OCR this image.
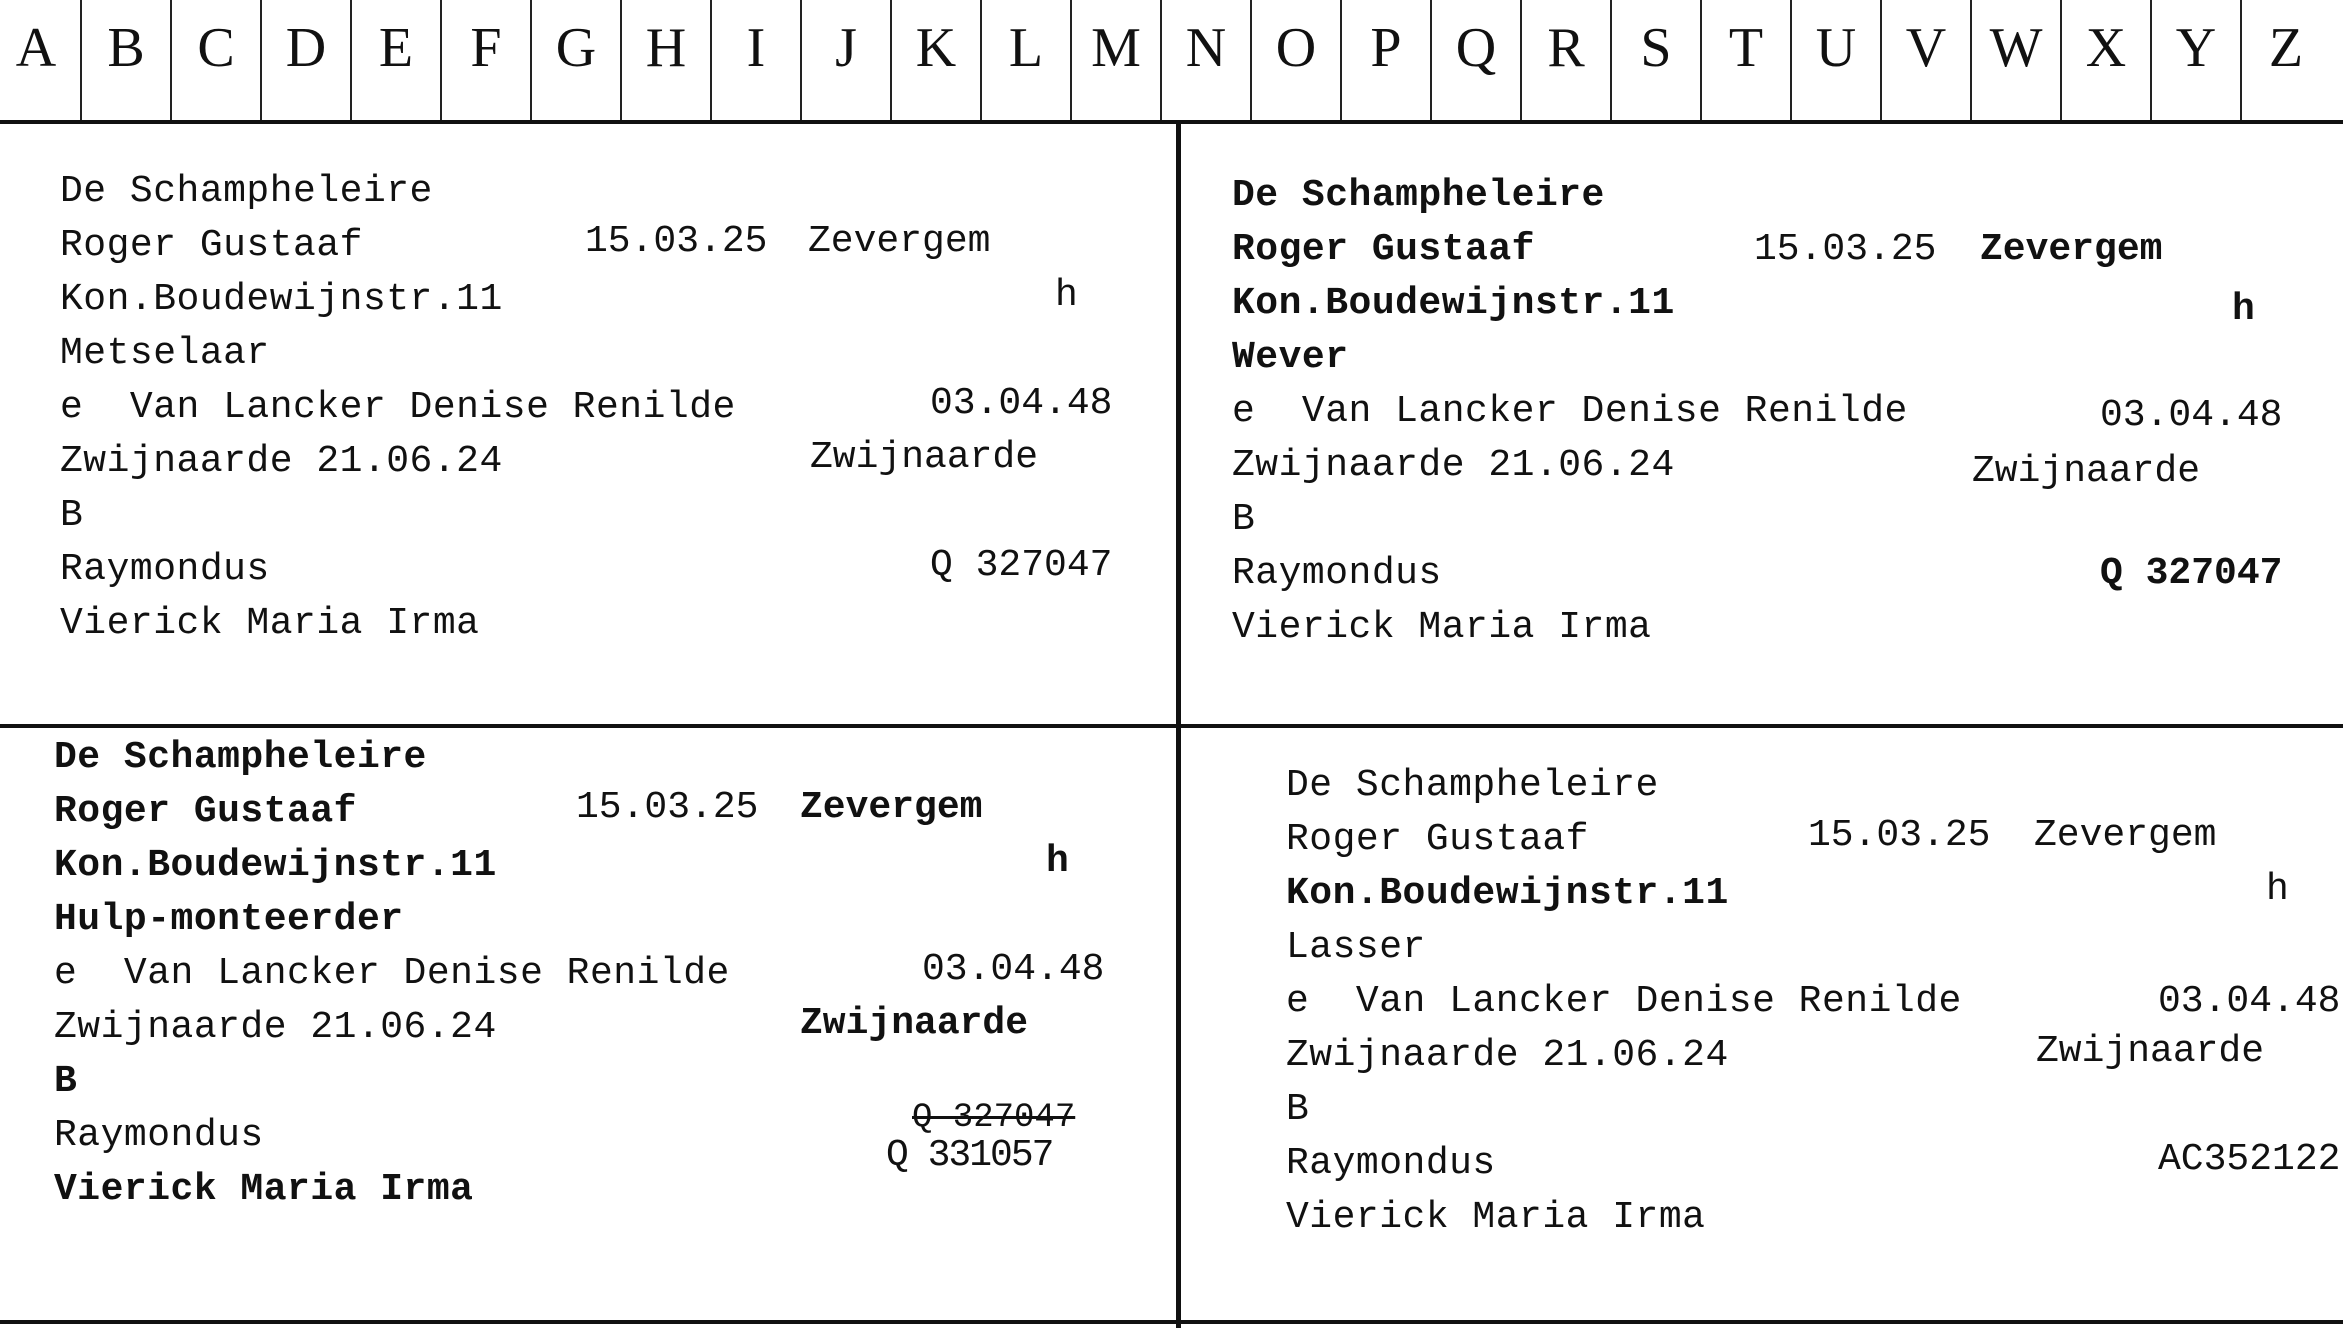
A B C D E F G H	I	J	K L M N O P Q R S T U V W X Y Z
De Schampheleire
Roger Gustaaf	15.03.25 Zevergem
Kon.Boudewijnstr.11	h
Metselaar
e  Van Lancker Denise Renilde	03.04.48
Zwijnaarde 21.06.24	Zwijnaarde
B
Raymondus	Q 327047
Vierick Maria Irma
De Schampheleire
Roger Gustaaf	15.03.25 Zevergem
Kon.Boudewijnstr.11	h
Wever
e  Van Lancker Denise Renilde	03.04.48
Zwijnaarde 21.06.24	Zwijnaarde
B
Raymondus	Q 327047
Vierick Maria Irma
De Schampheleire
Roger Gustaaf	15.03.25 Zevergem
Kon.Boudewijnstr.11	h
Hulp-monteerder
e  Van Lancker Denise Renilde	03.04.48
Zwijnaarde 21.06.24	Zwijnaarde
B
Raymondus	Q 327047
Q 331057
Vierick Maria Irma
De Schampheleire
Roger Gustaaf	15.03.25 Zevergem
Kon.Boudewijnstr.11	h
Lasser
e  Van Lancker Denise Renilde	03.04.48
Zwijnaarde 21.06.24	Zwijnaarde
B
Raymondus	AC352122
Vierick Maria Irma
